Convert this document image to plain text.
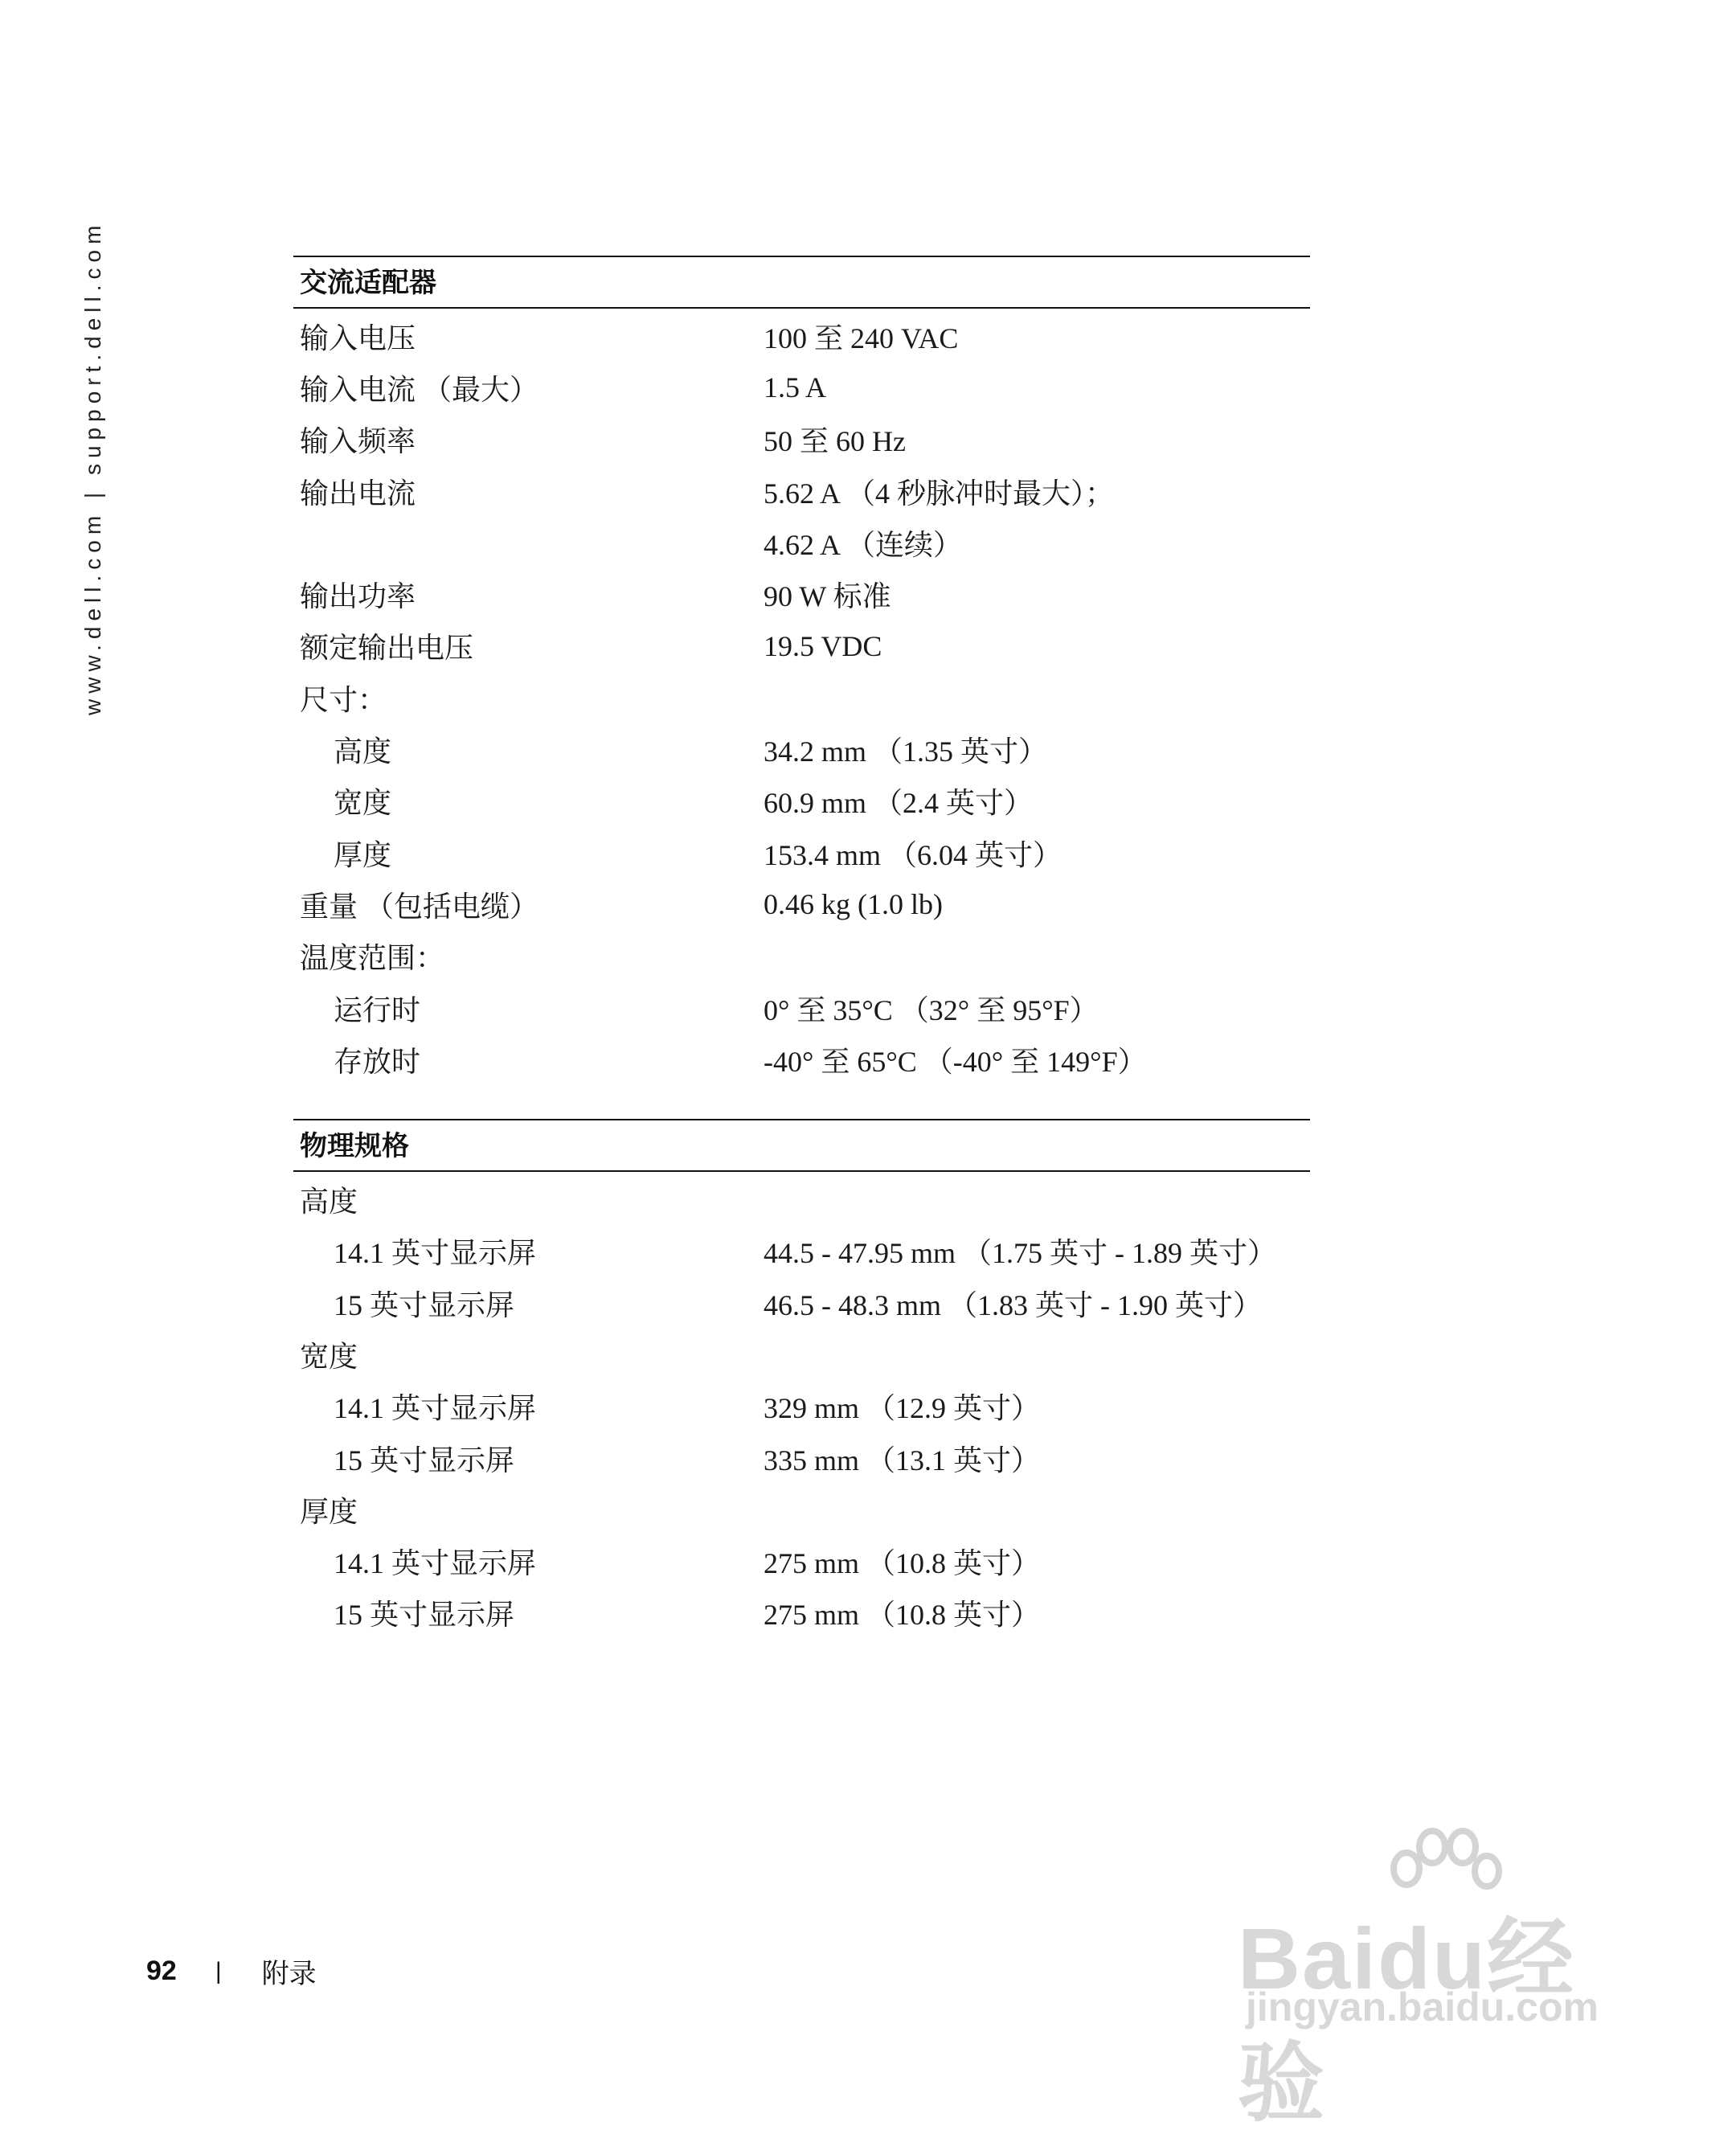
www.dell.com | support.dell.com	交流适配器
输入电压	100 至 240 VAC
输入电流 （最大）	1.5 A
输入频率	50 至 60 Hz
输出电流	5.62 A （4 秒脉冲时最大）；
4.62 A （连续）
输出功率	90 W 标准
额定输出电压	19.5 VDC
尺寸：
高度	34.2 mm （1.35 英寸）
宽度	60.9 mm （2.4 英寸）
厚度	153.4 mm （6.04 英寸）
重量 （包括电缆）	0.46 kg (1.0 lb)
温度范围：
运行时	0° 至 35°C （32° 至 95°F）
存放时	-40° 至 65°C （-40° 至 149°F）
物理规格
高度
14.1 英寸显示屏	44.5 - 47.95 mm （1.75 英寸 - 1.89 英寸）
15 英寸显示屏	46.5 - 48.3 mm （1.83 英寸 - 1.90 英寸）
宽度
14.1 英寸显示屏	329 mm （12.9 英寸）
15 英寸显示屏	335 mm （13.1 英寸）
厚度
14.1 英寸显示屏	275 mm （10.8 英寸）
15 英寸显示屏	275 mm （10.8 英寸）
92 | 附录	Baidu经验
jingyan.baidu.com
